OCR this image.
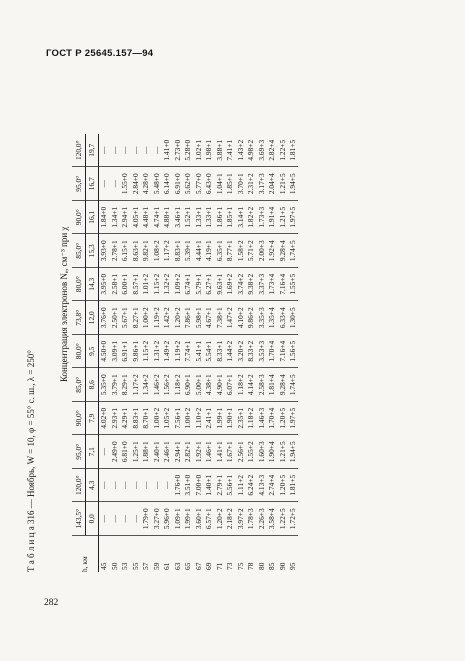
ГОСТ Р 25645.157—94
Т а б л и ц а 316 — Ноябрь, W = 10, φ = 55° с. ш., λ = 250°
Концентрация электронов Nₑ, см⁻³ при χ
h, км	143,5°	120,0°	95,0°	90,0°	85,0°	80,0°	73,8°	80,0°	85,0°	90,0°	95,0°	120,0°
	0,0	4,3	7,1	7,9	8,6	9,5	12,0	14,3	15,3	16,1	16,7	19,7
45	—	—	—	4.02+0	5.35+0	4.50+0	3.76+0	3.95+0	3.93+0	1.84+0	—	—
50	—	—	2.49+0	2.93+1	3.79+1	3.09+1	2.50+1	2.58+1	2.78+1	1.34+1	—	—
53	—	—	6.81+0	4.29+1	8.29+1	6.91+1	5.67+1	6.00+1	6.15+1	2.94+1	1.55+0	—
55	—	—	1.25+1	8.83+1	1.17+2	9.86+1	8.27+1	8.57+1	8.63+1	4.05+1	2.84+0	—
57	1.79+0	—	1.88+1	8.70+1	1.34+2	1.15+2	1.00+2	1.01+2	9.82+1	4.48+1	4.28+0	—
59	3.27+0	—	2.40+1	1.00+2	1.46+2	1.31+2	1.19+2	1.15+2	1.08+2	4.74+1	5.48+0	—
61	5.96+0	—	2.46+1	1.05+2	1.56+2	1.49+2	1.42+2	1.32+2	1.17+2	4.88+1	6.14+0	1.41+0
63	1.09+1	1.76+0	2.94+1	7.56+1	1.18+2	1.19+2	1.20+2	1.09+2	8.83+1	3.46+1	6.91+0	2.73+0
65	1.99+1	3.51+0	2.82+1	1.00+2	6.90+1	7.74+1	7.86+1	6.74+1	5.39+1	1.52+1	5.62+0	5.28+0
67	3.60+1	7.00+0	1.92+1	1.10+2	5.00+1	5.41+1	5.98+1	5.79+1	4.44+1	1.33+1	5.77+0	1.02+1
69	6.57+1	1.40+1	1.46+1	2.41+1	4.38+1	5.54+1	4.67+1	6.27+1	4.19+1	1.33+1	6.43+0	1.98+1
71	1.20+2	2.79+1	1.41+1	1.99+1	4.90+1	8.33+1	7.38+1	9.63+1	6.35+1	1.86+1	1.04+1	3.88+1
73	2.18+2	5.56+1	1.67+1	1.90+1	6.07+1	1.44+2	1.47+2	1.69+2	8.77+1	1.85+1	1.85+1	7.41+1
75	3.97+2	1.11+2	2.56+1	2.35+1	1.18+2	3.20+2	4.10+2	3.74+2	1.58+2	3.14+1	3.70+1	1.43+2
78	1.78+3	6.24+2	1.55+2	1.18+2	4.14+2	8.33+2	9.86+2	9.38+2	5.71+2	1.82+2	2.31+2	4.98+2
80	2.26+3	4.13+3	1.60+3	1.46+3	2.58+3	3.53+3	3.35+3	3.37+3	2.00+3	1.73+3	3.17+3	3.69+3
85	3.58+4	2.74+4	1.90+4	1.70+4	1.81+4	1.70+4	1.35+4	1.73+4	1.92+4	1.91+4	2.04+4	2.82+4
90	1.22+5	1.20+5	1.21+5	1.20+5	9.28+4	7.16+4	6.33+4	7.16+4	9.28+4	1.21+5	1.21+5	1.22+5
95	1.72+5	1.81+5	1.94+5	1.97+5	1.74+5	1.56+5	1.30+5	1.55+5	1.74+5	1.97+5	1.94+5	1.81+5
282
